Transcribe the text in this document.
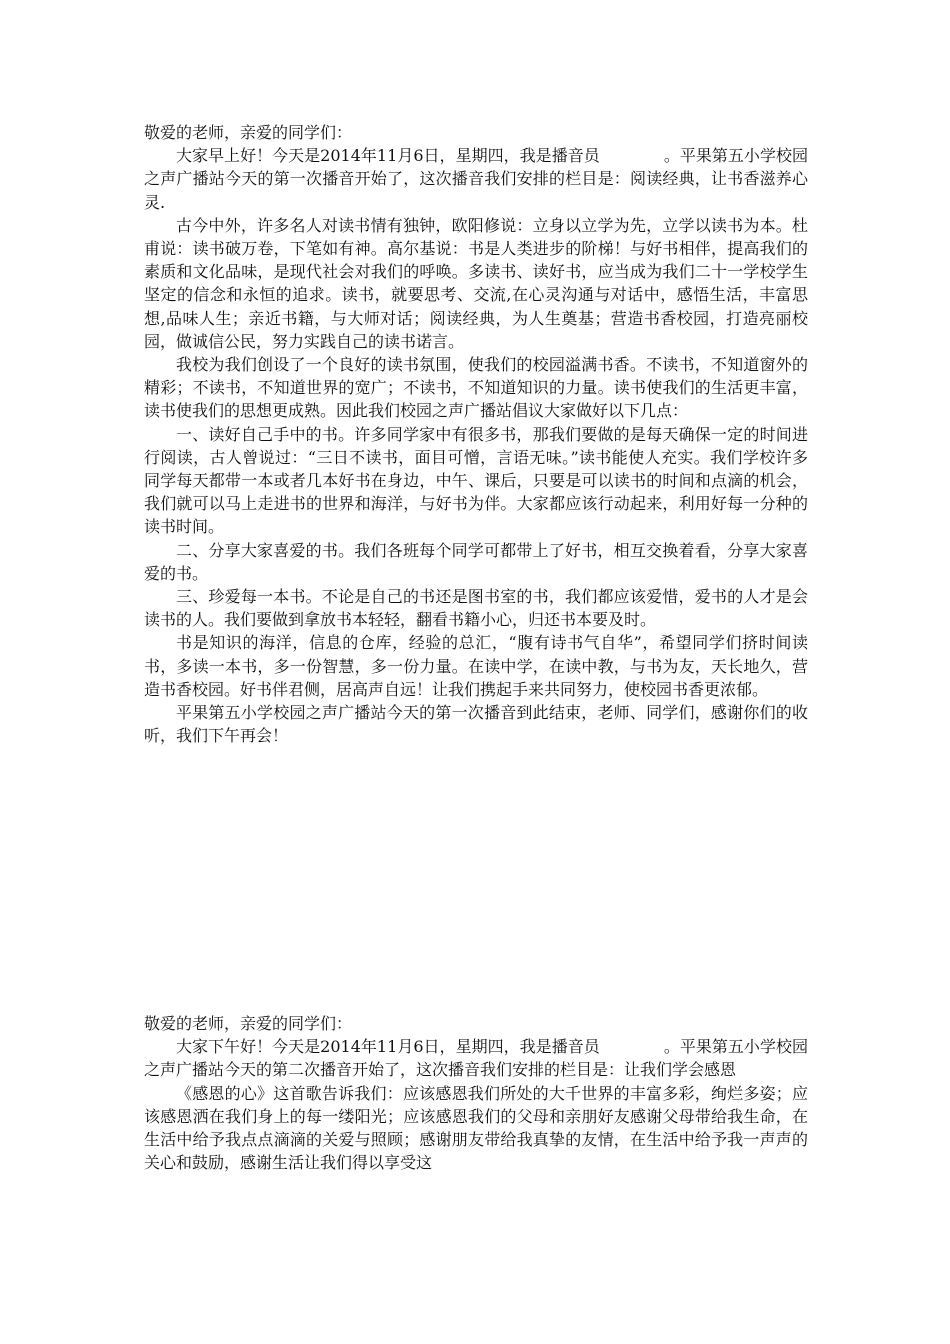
敬爱的老师，亲爱的同学们：

大家早上好！今天是2014年11月6日，星期四，我是播音员　　　　。平果第五小学校园之声广播站今天的第一次播音开始了，这次播音我们安排的栏目是：阅读经典，让书香滋养心灵.

古今中外，许多名人对读书情有独钟，欧阳修说：立身以立学为先，立学以读书为本。杜甫说：读书破万卷，下笔如有神。高尔基说：书是人类进步的阶梯！与好书相伴，提高我们的素质和文化品味，是现代社会对我们的呼唤。多读书、读好书，应当成为我们二十一学校学生坚定的信念和永恒的追求。读书，就要思考、交流,在心灵沟通与对话中，感悟生活，丰富思想,品味人生；亲近书籍，与大师对话；阅读经典，为人生奠基；营造书香校园，打造亮丽校园，做诚信公民，努力实践自己的读书诺言。

我校为我们创设了一个良好的读书氛围，使我们的校园溢满书香。不读书，不知道窗外的精彩；不读书，不知道世界的宽广；不读书，不知道知识的力量。读书使我们的生活更丰富，读书使我们的思想更成熟。因此我们校园之声广播站倡议大家做好以下几点：

一、读好自己手中的书。许多同学家中有很多书，那我们要做的是每天确保一定的时间进行阅读，古人曾说过：“三日不读书，面目可憎，言语无味。”读书能使人充实。我们学校许多同学每天都带一本或者几本好书在身边，中午、课后，只要是可以读书的时间和点滴的机会，我们就可以马上走进书的世界和海洋，与好书为伴。大家都应该行动起来，利用好每一分种的读书时间。

二、分享大家喜爱的书。我们各班每个同学可都带上了好书，相互交换着看，分享大家喜爱的书。

三、珍爱每一本书。不论是自己的书还是图书室的书，我们都应该爱惜，爱书的人才是会读书的人。我们要做到拿放书本轻轻，翻看书籍小心，归还书本要及时。

书是知识的海洋，信息的仓库，经验的总汇，“腹有诗书气自华”，希望同学们挤时间读书，多读一本书，多一份智慧，多一份力量。在读中学，在读中教，与书为友，天长地久，营造书香校园。好书伴君侧，居高声自远！让我们携起手来共同努力，使校园书香更浓郁。

平果第五小学校园之声广播站今天的第一次播音到此结束，老师、同学们，感谢你们的收听，我们下午再会！

敬爱的老师，亲爱的同学们：

大家下午好！今天是2014年11月6日，星期四，我是播音员　　　　。平果第五小学校园之声广播站今天的第二次播音开始了，这次播音我们安排的栏目是：让我们学会感恩

《感恩的心》这首歌告诉我们：应该感恩我们所处的大千世界的丰富多彩，绚烂多姿；应该感恩洒在我们身上的每一缕阳光；应该感恩我们的父母和亲朋好友感谢父母带给我生命，在生活中给予我点点滴滴的关爱与照顾；感谢朋友带给我真挚的友情，在生活中给予我一声声的关心和鼓励，感谢生活让我们得以享受这
